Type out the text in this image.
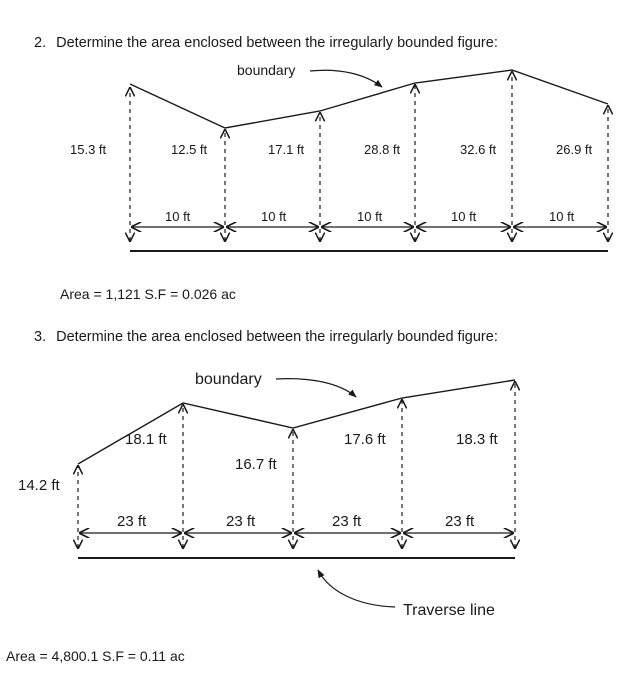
2. Determine the area enclosed between the irregularly bounded figure:
boundary
15.3 ft	12.5 ft	17.1 ft	28.8 ft	32.6 ft	26.9 ft
10 ft	10 ft	10 ft	10 ft	10 ft
boundary
14.2 ft
18.1 ft
16.7 ft
17.6 ft	18.3 ft
23 ft	23 ft	23 ft	23 ft
Traverse line
Area = 1,121 S.F = 0.026 ac
3. Determine the area enclosed between the irregularly bounded figure:
Area = 4,800.1 S.F = 0.11 ac
